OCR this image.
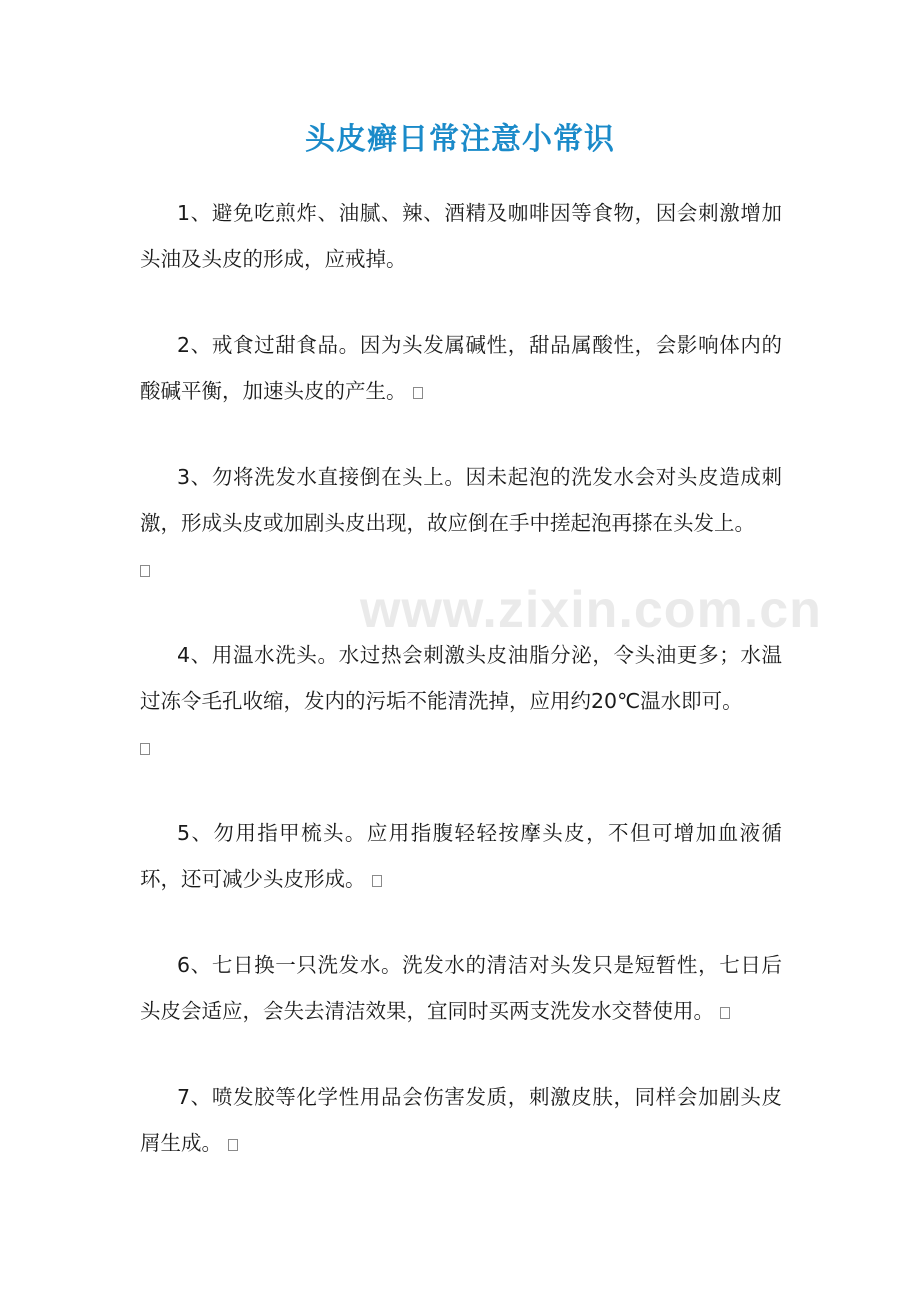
www.zixin.com.cn
头皮癣日常注意小常识

1、避免吃煎炸、油腻、辣、酒精及咖啡因等食物，因会刺激增加头油及头皮的形成，应戒掉。

2、戒食过甜食品。因为头发属碱性，甜品属酸性，会影响体内的酸碱平衡，加速头皮的产生。

3、勿将洗发水直接倒在头上。因未起泡的洗发水会对头皮造成刺激，形成头皮或加剧头皮出现，故应倒在手中搓起泡再搽在头发上。

4、用温水洗头。水过热会刺激头皮油脂分泌，令头油更多；水温过冻令毛孔收缩，发内的污垢不能清洗掉，应用约20℃温水即可。

5、勿用指甲梳头。应用指腹轻轻按摩头皮，不但可增加血液循环，还可减少头皮形成。

6、七日换一只洗发水。洗发水的清洁对头发只是短暂性，七日后头皮会适应，会失去清洁效果，宜同时买两支洗发水交替使用。

7、喷发胶等化学性用品会伤害发质，刺激皮肤，同样会加剧头皮屑生成。
